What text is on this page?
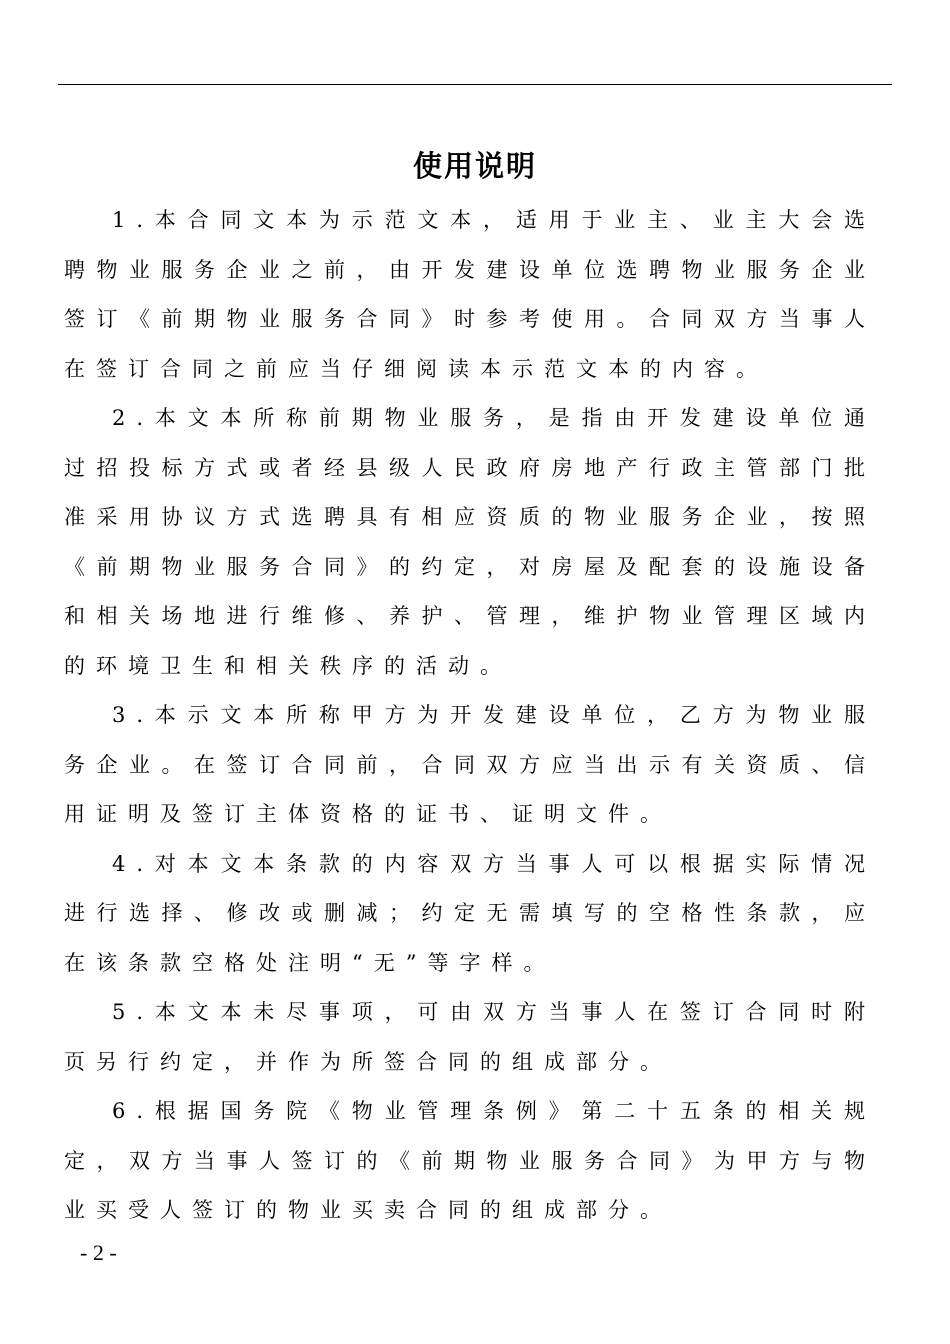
使用说明

1.本合同文本为示范文本，适用于业主、业主大会选聘物业服务企业之前，由开发建设单位选聘物业服务企业签订《前期物业服务合同》时参考使用。合同双方当事人在签订合同之前应当仔细阅读本示范文本的内容。

2.本文本所称前期物业服务，是指由开发建设单位通过招投标方式或者经县级人民政府房地产行政主管部门批准采用协议方式选聘具有相应资质的物业服务企业，按照《前期物业服务合同》的约定，对房屋及配套的设施设备和相关场地进行维修、养护、管理，维护物业管理区域内的环境卫生和相关秩序的活动。

3.本示文本所称甲方为开发建设单位，乙方为物业服务企业。在签订合同前，合同双方应当出示有关资质、信用证明及签订主体资格的证书、证明文件。

4.对本文本条款的内容双方当事人可以根据实际情况进行选择、修改或删减；约定无需填写的空格性条款，应在该条款空格处注明“无”等字样。

5.本文本未尽事项，可由双方当事人在签订合同时附页另行约定，并作为所签合同的组成部分。

6.根据国务院《物业管理条例》第二十五条的相关规定，双方当事人签订的《前期物业服务合同》为甲方与物业买受人签订的物业买卖合同的组成部分。

- 2 -
